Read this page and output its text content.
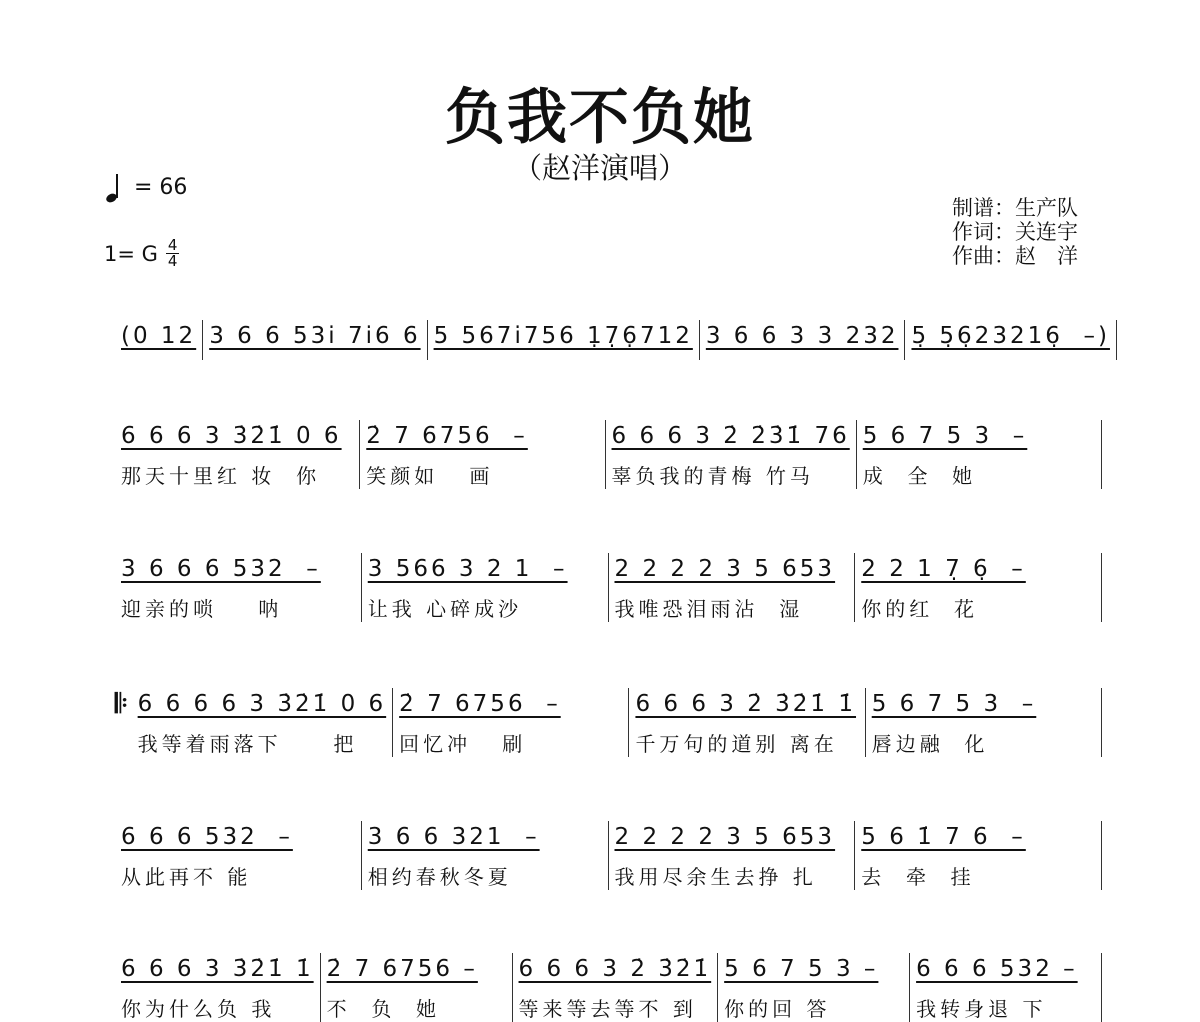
负我不负她
（赵洋演唱）
= 66
1= G $\frac{4}{4}$
制谱：生产队
作词：关连宇
作曲：赵　洋
(0 12 3 6 6 53i̇ 7i̇6 6 5 567i̇756 1̣7̣6̣712 3 6 6 3 3 232 5̣ 5̣6̣23216̣  –)
6 6 6 3 3̇2̇1̇ 0 6
那天十里红 妆  你
2̇ 7 6756  –
笑颜如   画
6 6 6 3 2̇ 2̇3̇1̇ 76
辜负我的青梅 竹马
5 6 7 5 3  –
成  全  她
3 6 6 6 532  –
迎亲的唢    呐
3 566 3 2 1  –
让我 心碎成沙
2 2 2 2 3 5 653
我唯恐泪雨沾  湿
2 2 1 7̣ 6̣  –
你的红  花
𝄆 6 6 6 6 3 3̇2̇1̇ 0 6
我等着雨落下     把
2̇ 7 6756  –
回忆冲   刷
6 6 6 3 2̇ 3̇2̇1̇ 1̇
千万句的道别 离在
5 6 7 5 3  –
唇边融  化
6 6 6 532  –
从此再不 能
3 6 6 321  –
相约春秋冬夏
2 2 2 2 3 5 653
我用尽余生去挣 扎
5 6 1̇ 7 6  –
去  牵  挂
6 6 6 3 3̇2̇1̇ 1̇
你为什么负 我
2̇ 7 6756 –
不  负  她
6 6 6 3 2̇ 3̇2̇1̇
等来等去等不 到
5 6 7 5 3 –
你的回 答
6 6 6 532 –
我转身退 下
